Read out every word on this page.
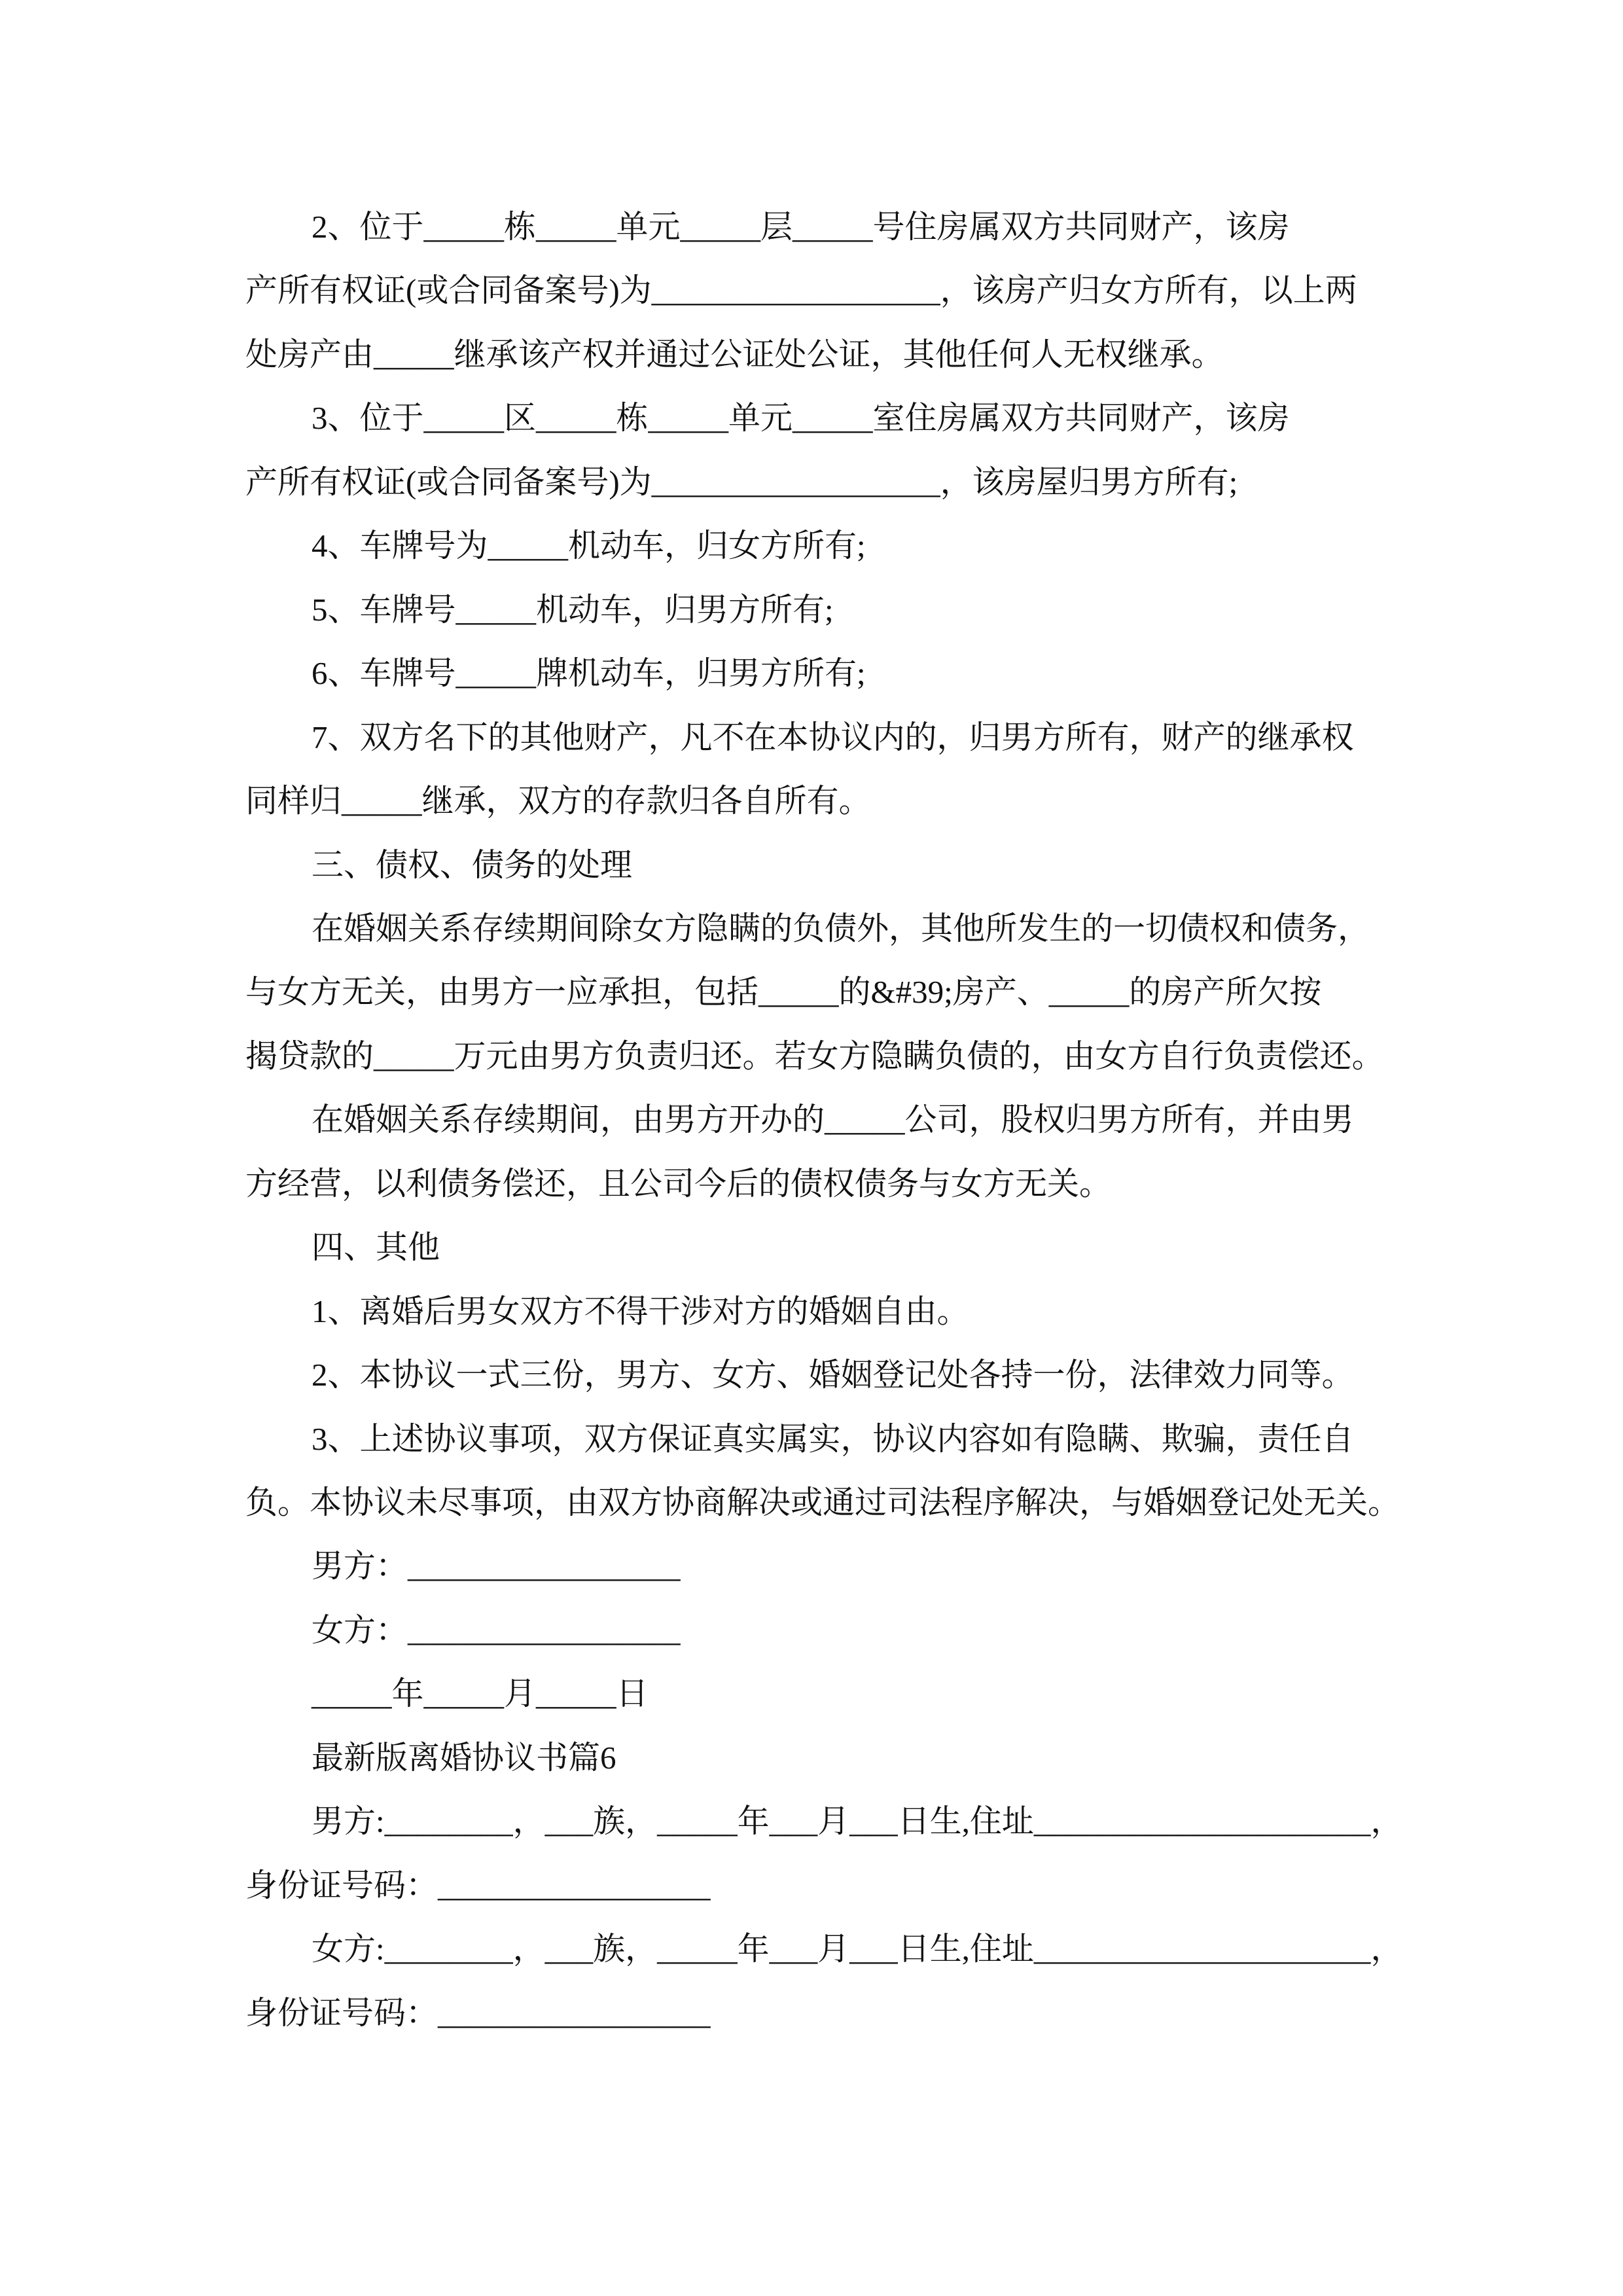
2、位于_____栋_____单元_____层_____号住房属双方共同财产，该房
产所有权证(或合同备案号)为__________________，该房产归女方所有，以上两
处房产由_____继承该产权并通过公证处公证，其他任何人无权继承。
3、位于_____区_____栋_____单元_____室住房属双方共同财产，该房
产所有权证(或合同备案号)为__________________，该房屋归男方所有;
4、车牌号为_____机动车，归女方所有;
5、车牌号_____机动车，归男方所有;
6、车牌号_____牌机动车，归男方所有;
7、双方名下的其他财产，凡不在本协议内的，归男方所有，财产的继承权
同样归_____继承，双方的存款归各自所有。
三、债权、债务的处理
在婚姻关系存续期间除女方隐瞒的负债外，其他所发生的一切债权和债务，
与女方无关，由男方一应承担，包括_____的&#39;房产、_____的房产所欠按
揭贷款的_____万元由男方负责归还。若女方隐瞒负债的，由女方自行负责偿还。
在婚姻关系存续期间，由男方开办的_____公司，股权归男方所有，并由男
方经营，以利债务偿还，且公司今后的债权债务与女方无关。
四、其他
1、离婚后男女双方不得干涉对方的婚姻自由。
2、本协议一式三份，男方、女方、婚姻登记处各持一份，法律效力同等。
3、上述协议事项，双方保证真实属实，协议内容如有隐瞒、欺骗，责任自
负。本协议未尽事项，由双方协商解决或通过司法程序解决，与婚姻登记处无关。
男方：_________________
女方：_________________
_____年_____月_____日
最新版离婚协议书篇6
男方:________，___族，_____年___月___日生,住址_____________________，
身份证号码：_________________
女方:________，___族，_____年___月___日生,住址_____________________，
身份证号码：_________________
